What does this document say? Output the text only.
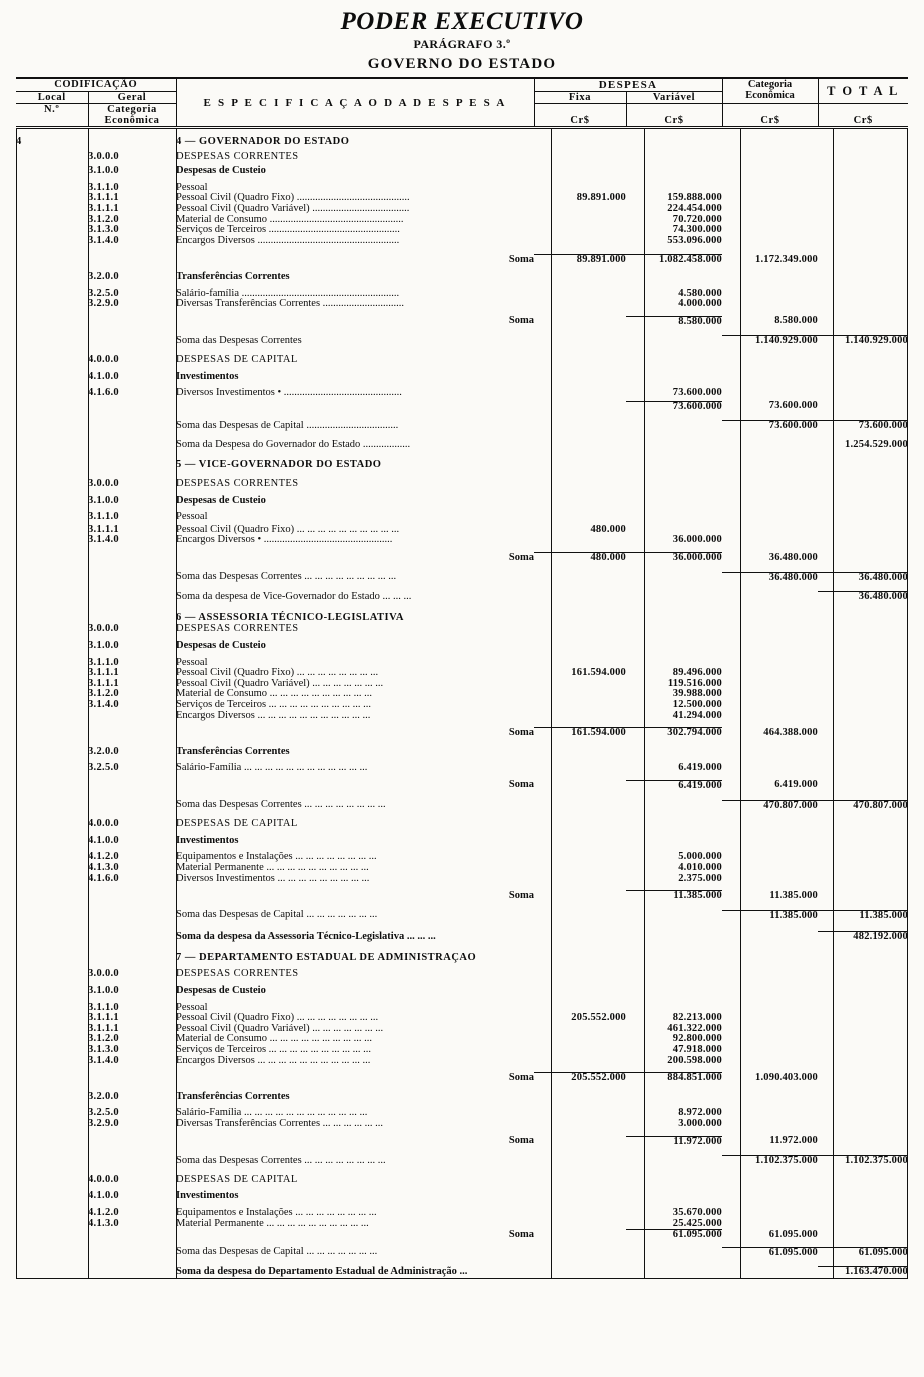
PODER EXECUTIVO
PARÁGRAFO 3.º
GOVERNO DO ESTADO
CODIFICAÇÃO		E S P E C I F I C A Ç A O D A D E S P E S A	DESPESA		Categoria
Econômica	T O T A L
Local	Geral		Fixa	Variável		
N.º	Categoria
Econômica		Cr$	Cr$	Cr$	Cr$

4		4 — GOVERNADOR DO ESTADO				

	3.0.0.0	DESPESAS CORRENTES				

	3.1.0.0	Despesas de Custeio				

	3.1.1.0	Pessoal				
	3.1.1.1	Pessoal Civil (Quadro Fixo) ...........................................	89.891.000	159.888.000		
	3.1.1.1	Pessoal Civil (Quadro Variável) .....................................		224.454.000		
	3.1.2.0	Material de Consumo ...................................................		70.720.000		
	3.1.3.0	Serviços de Terceiros ..................................................		74.300.000		
	3.1.4.0	Encargos Diversos ......................................................		553.096.000		

		Soma	89.891.000	1.082.458.000	1.172.349.000	

	3.2.0.0	Transferências Correntes				

	3.2.5.0	Salário-família ............................................................		4.580.000		
	3.2.9.0	Diversas Transferências Correntes ...............................		4.000.000		

		Soma		8.580.000	8.580.000	

		Soma das Despesas Correntes			1.140.929.000	1.140.929.000

	4.0.0.0	DESPESAS DE CAPITAL				

	4.1.0.0	Investimentos				

	4.1.6.0	Diversos Investimentos • .............................................		73.600.000		

				73.600.000	73.600.000	

		Soma das Despesas de Capital ...................................			73.600.000	73.600.000

		Soma da Despesa do Governador do Estado ..................				1.254.529.000

		5 — VICE-GOVERNADOR DO ESTADO				

	3.0.0.0	DESPESAS CORRENTES				

	3.1.0.0	Despesas de Custeio				

	3.1.1.0	Pessoal				

	3.1.1.1	Pessoal Civil (Quadro Fixo) ... ... ... ... ... ... ... ... ... ...	480.000			
	3.1.4.0	Encargos Diversos • .................................................		36.000.000		

		Soma	480.000	36.000.000	36.480.000	

		Soma das Despesas Correntes ... ... ... ... ... ... ... ... ...			36.480.000	36.480.000

		Soma da despesa de Vice-Governador do Estado ... ... ...				36.480.000

		6 — ASSESSORIA TÉCNICO-LEGISLATIVA				

	3.0.0.0	DESPESAS CORRENTES				

	3.1.0.0	Despesas de Custeio				

	3.1.1.0	Pessoal				
	3.1.1.1	Pessoal Civil (Quadro Fixo) ... ... ... ... ... ... ... ...	161.594.000	89.496.000		
	3.1.1.1	Pessoal Civil (Quadro Variável) ... ... ... ... ... ... ...		119.516.000		
	3.1.2.0	Material de Consumo ... ... ... ... ... ... ... ... ... ...		39.988.000		
	3.1.4.0	Serviços de Terceiros ... ... ... ... ... ... ... ... ... ...		12.500.000		
		Encargos Diversos ... ... ... ... ... ... ... ... ... ... ...		41.294.000		

		Soma	161.594.000	302.794.000	464.388.000	

	3.2.0.0	Transferências Correntes				

	3.2.5.0	Salário-Família ... ... ... ... ... ... ... ... ... ... ... ...		6.419.000		

		Soma		6.419.000	6.419.000	

		Soma das Despesas Correntes ... ... ... ... ... ... ... ...			470.807.000	470.807.000

	4.0.0.0	DESPESAS DE CAPITAL				

	4.1.0.0	Investimentos				

	4.1.2.0	Equipamentos e Instalações ... ... ... ... ... ... ... ...		5.000.000		
	4.1.3.0	Material Permanente ... ... ... ... ... ... ... ... ... ...		4.010.000		
	4.1.6.0	Diversos Investimentos ... ... ... ... ... ... ... ... ...		2.375.000		

		Soma		11.385.000	11.385.000	

		Soma das Despesas de Capital ... ... ... ... ... ... ...			11.385.000	11.385.000

		Soma da despesa da Assessoria Técnico-Legislativa ... ... ...				482.192.000

		7 — DEPARTAMENTO ESTADUAL DE ADMINISTRAÇAO				

	3.0.0.0	DESPESAS CORRENTES				

	3.1.0.0	Despesas de Custeio				

	3.1.1.0	Pessoal				
	3.1.1.1	Pessoal Civil (Quadro Fixo) ... ... ... ... ... ... ... ...	205.552.000	82.213.000		
	3.1.1.1	Pessoal Civil (Quadro Variável) ... ... ... ... ... ... ...		461.322.000		
	3.1.2.0	Material de Consumo ... ... ... ... ... ... ... ... ... ...		92.800.000		
	3.1.3.0	Serviços de Terceiros ... ... ... ... ... ... ... ... ... ...		47.918.000		
	3.1.4.0	Encargos Diversos ... ... ... ... ... ... ... ... ... ... ...		200.598.000		

		Soma	205.552.000	884.851.000	1.090.403.000	

	3.2.0.0	Transferências Correntes				

	3.2.5.0	Salário-Família ... ... ... ... ... ... ... ... ... ... ... ...		8.972.000		
	3.2.9.0	Diversas Transferências Correntes ... ... ... ... ... ...		3.000.000		

		Soma		11.972.000	11.972.000	

		Soma das Despesas Correntes ... ... ... ... ... ... ... ...			1.102.375.000	1.102.375.000

	4.0.0.0	DESPESAS DE CAPITAL				

	4.1.0.0	Investimentos				

	4.1.2.0	Equipamentos e Instalações ... ... ... ... ... ... ... ...		35.670.000		
	4.1.3.0	Material Permanente ... ... ... ... ... ... ... ... ... ...		25.425.000		
		Soma		61.095.000	61.095.000	

		Soma das Despesas de Capital ... ... ... ... ... ... ...			61.095.000	61.095.000

		Soma da despesa do Departamento Estadual de Administração ...				1.163.470.000
